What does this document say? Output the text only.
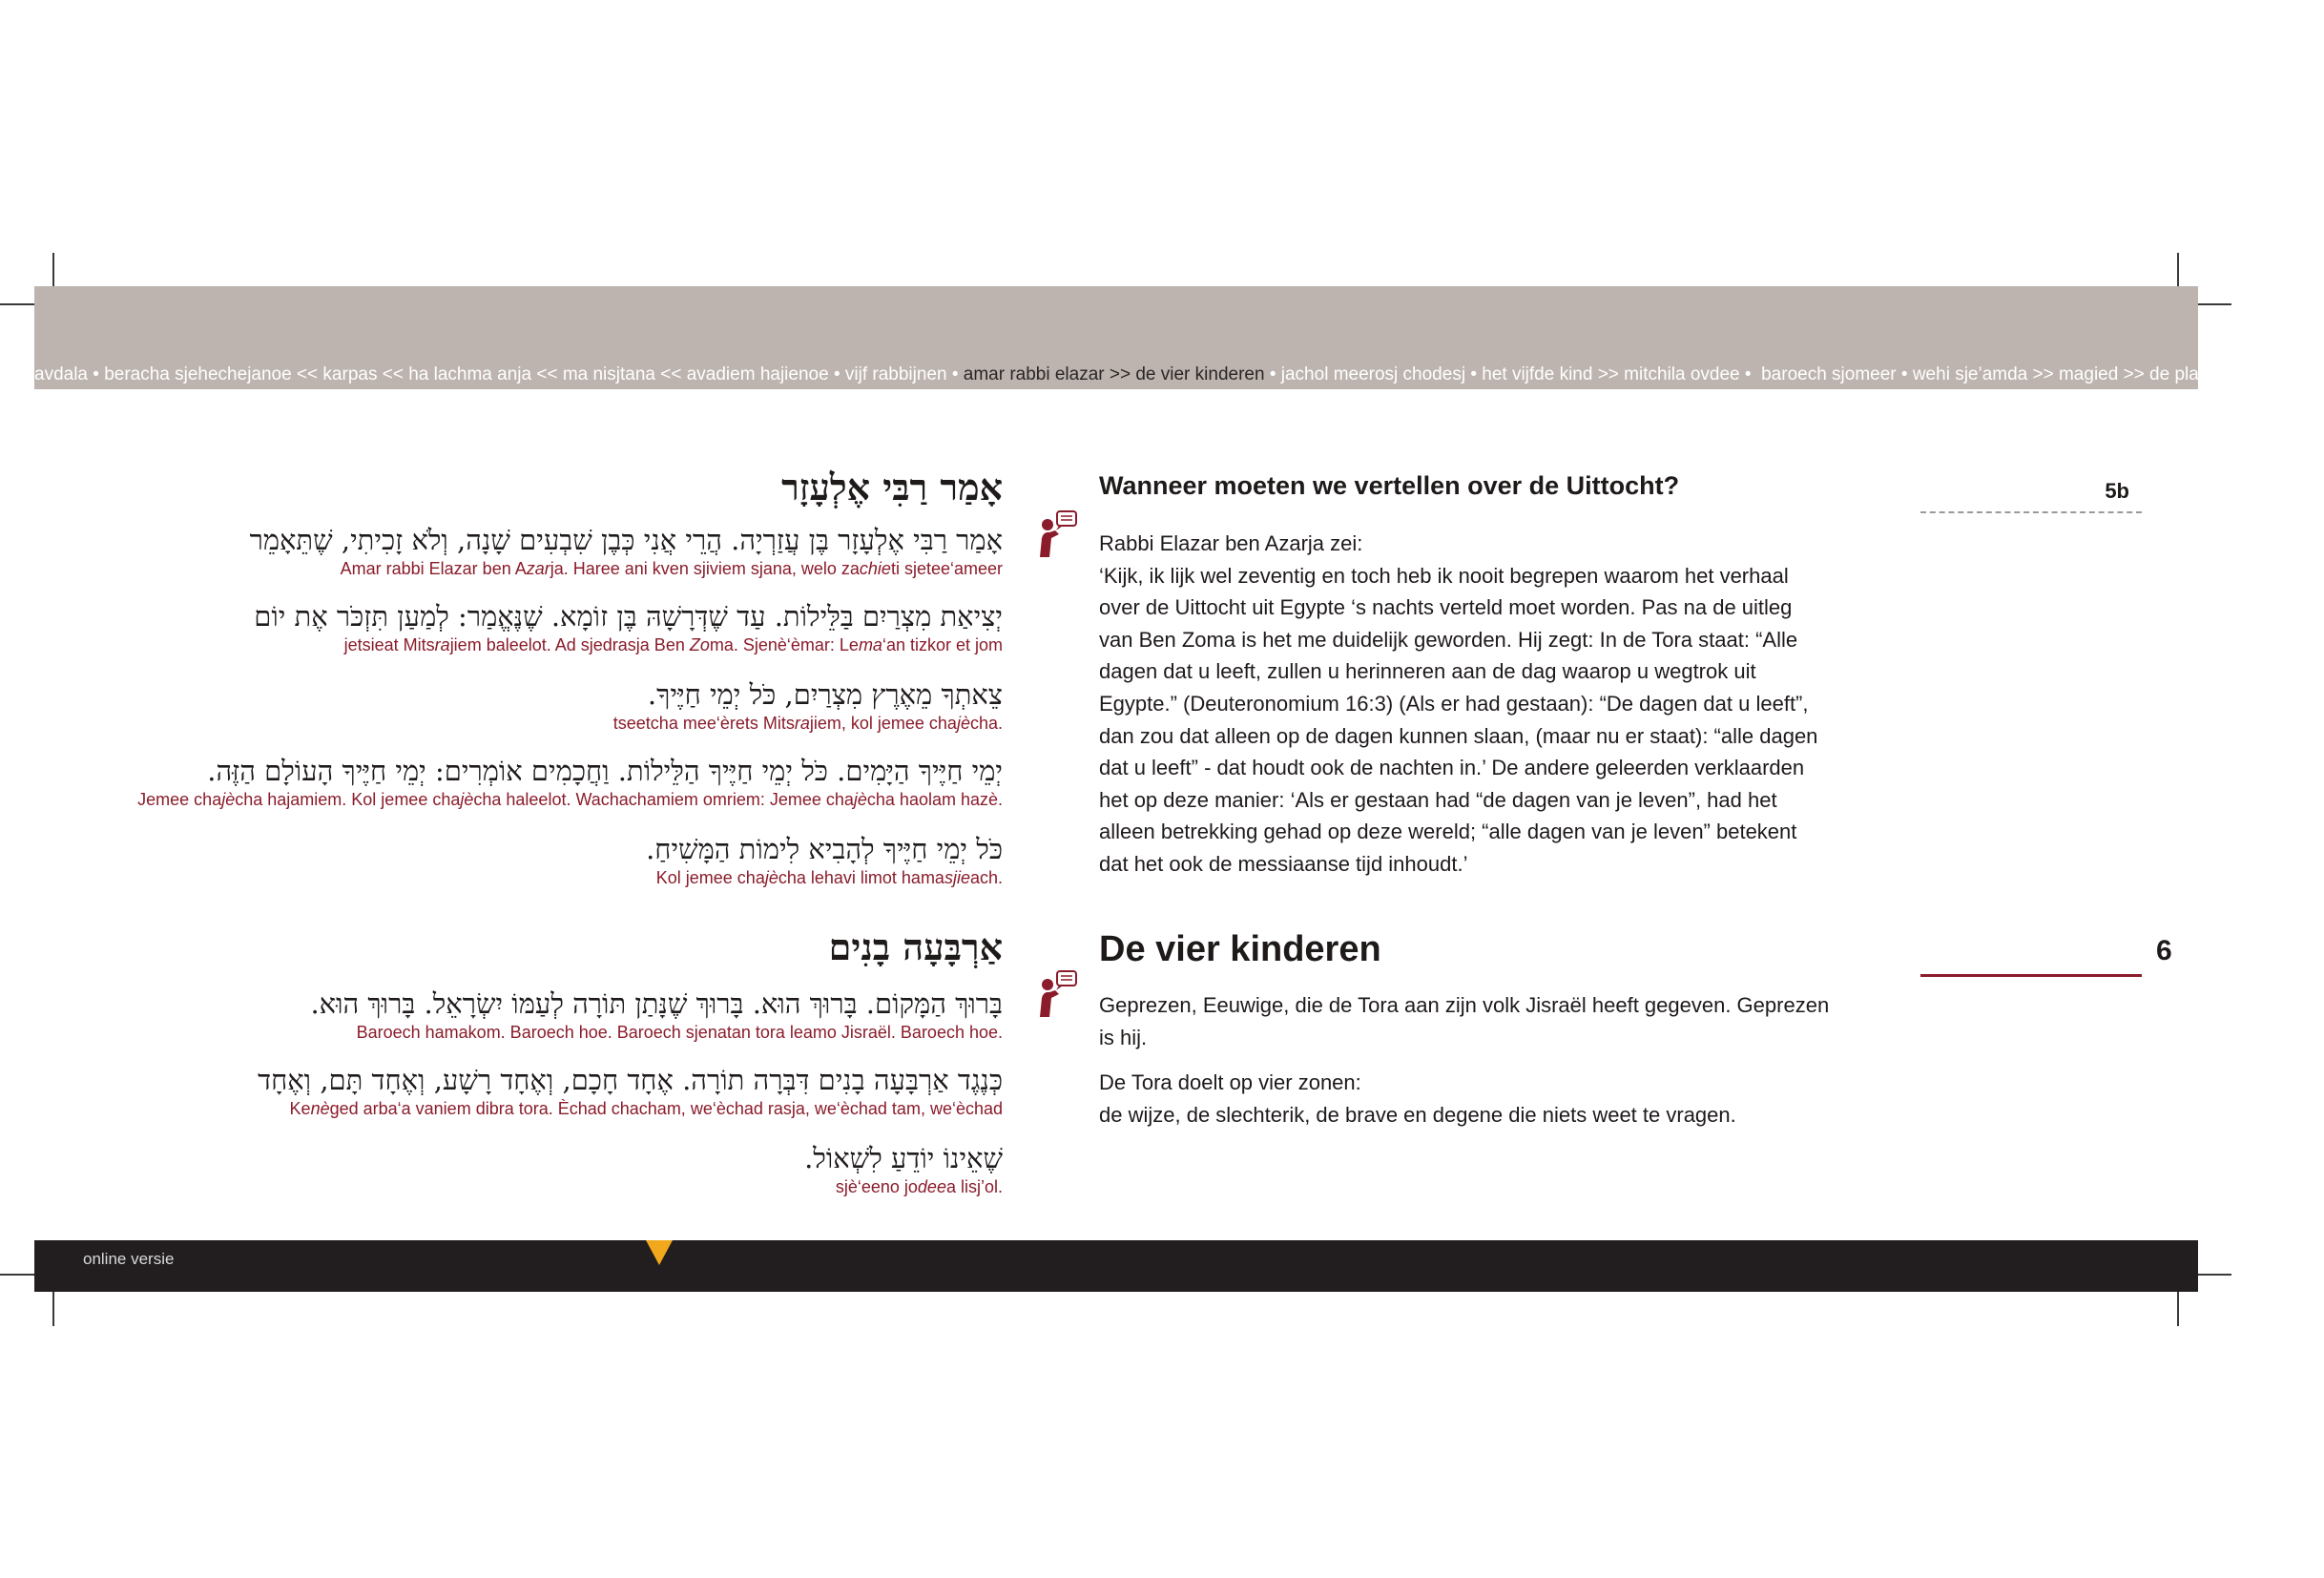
avdala • beracha sjehechejanoe << karpas << ha lachma anja << ma nisjtana << avadiem hajienoe • vijf rabbijnen • amar rabbi elazar >> de vier kinderen • jachol meerosj chodesj • het vijfde kind >> mitchila ovdee •  baroech sjomeer • wehi sje’amda >> magied >> de plagen • rabbi jose
אָמַר רַבִּי אֶלְעָזָר
אָמַר רַבִּי אֶלְעָזָר בֶּן עֲזַרְיָה. הֲרֵי אֲנִי כְּבֶן שִׁבְעִים שָׁנָה, וְלֹא זָכִיתִי, שֶׁתֵּאָמֵר
Amar rabbi Elazar ben Azarja. Haree ani kven sjiviem sjana, welo zachieti sjetee‘ameer
יְצִיאַת מִצְרַיִם בַּלֵּילוֹת. עַד שֶׁדְּרָשָׁהּ בֶּן זוֹמָא. שֶׁנֶּאֱמַר: לְמַעַן תִּזְכֹּר אֶת יוֹם
jetsieat Mitsrajiem baleelot. Ad sjedrasja Ben Zoma. Sjenè‘èmar: Lema‘an tizkor et jom
צֵאתְךָ מֵאֶרֶץ מִצְרַיִם, כֹּל יְמֵי חַיֶּיךָ.
tseetcha mee‘èrets Mitsrajiem, kol jemee chajècha.
יְמֵי חַיֶּיךָ הַיָּמִים. כֹּל יְמֵי חַיֶּיךָ הַלֵּילוֹת. וַחֲכָמִים אוֹמְרִים: יְמֵי חַיֶּיךָ הָעוֹלָם הַזֶּה.
Jemee chajècha hajamiem. Kol jemee chajècha haleelot. Wachachamiem omriem: Jemee chajècha haolam hazè.
כֹּל יְמֵי חַיֶּיךָ לְהָבִיא לִימוֹת הַמָּשִׁיחַ.
Kol jemee chajècha lehavi limot hamasjieach.
אַרְבָּעָה בָנִים
בָּרוּךְ הַמָּקוֹם. בָּרוּךְ הוּא. בָּרוּךְ שֶׁנָּתַן תּוֹרָה לְעַמּוֹ יִשְׂרָאֵל. בָּרוּךְ הוּא.
Baroech hamakom. Baroech hoe. Baroech sjenatan tora leamo Jisraël. Baroech hoe.
כְּנֶגֶד אַרְבָּעָה בָנִים דִּבְּרָה תוֹרָה. אֶחָד חָכָם, וְאֶחָד רָשָׁע, וְאֶחָד תָּם, וְאֶחָד
Kenèged arba‘a vaniem dibra tora. Èchad chacham, we‘èchad rasja, we‘èchad tam, we‘èchad
שֶׁאֵינוֹ יוֹדֵעַ לִשְׁאוֹל.
sjè‘eeno jodeea lisj’ol.
Wanneer moeten we vertellen over de Uittocht?	5b
Rabbi Elazar ben Azarja zei:
‘Kijk, ik lijk wel zeventig en toch heb ik nooit begrepen waarom het verhaal
over de Uittocht uit Egypte ‘s nachts verteld moet worden. Pas na de uitleg
van Ben Zoma is het me duidelijk geworden. Hij zegt: In de Tora staat: “Alle
dagen dat u leeft, zullen u herinneren aan de dag waarop u wegtrok uit
Egypte.” (Deuteronomium 16:3) (Als er had gestaan): “De dagen dat u leeft”,
dan zou dat alleen op de dagen kunnen slaan, (maar nu er staat): “alle dagen
dat u leeft” - dat houdt ook de nachten in.’ De andere geleerden verklaarden
het op deze manier: ‘Als er gestaan had “de dagen van je leven”, had het
alleen betrekking gehad op deze wereld; “alle dagen van je leven” betekent
dat het ook de messiaanse tijd inhoudt.’
De vier kinderen	6
Geprezen, Eeuwige, die de Tora aan zijn volk Jisraël heeft gegeven. Geprezen
is hij.
De Tora doelt op vier zonen:
de wijze, de slechterik, de brave en degene die niets weet te vragen.
online versie
